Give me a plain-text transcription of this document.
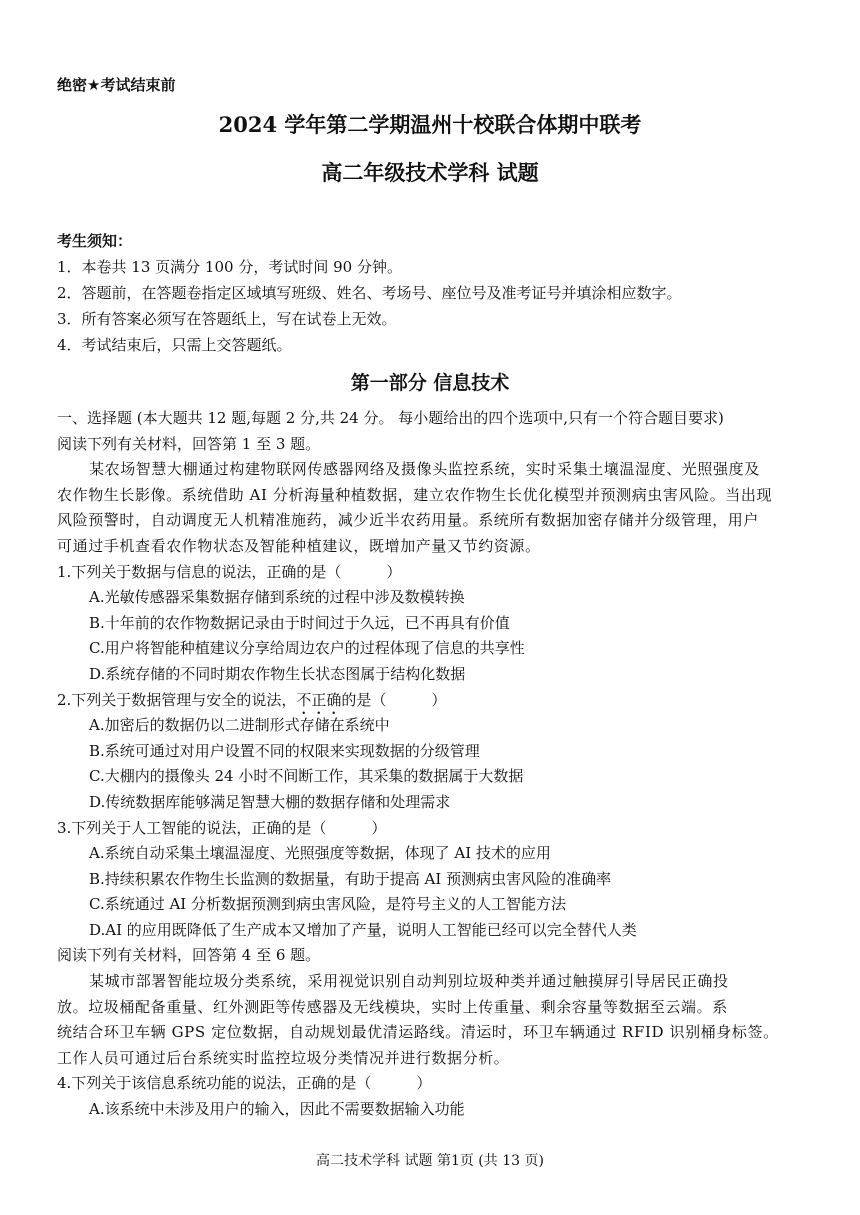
绝密★考试结束前
2024 学年第二学期温州十校联合体期中联考
高二年级技术学科 试题
考生须知：
1．本卷共 13 页满分 100 分，考试时间 90 分钟。
2．答题前，在答题卷指定区域填写班级、姓名、考场号、座位号及准考证号并填涂相应数字。
3．所有答案必须写在答题纸上，写在试卷上无效。
4．考试结束后，只需上交答题纸。
第一部分 信息技术
一、选择题 (本大题共 12 题,每题 2 分,共 24 分。 每小题给出的四个选项中,只有一个符合题目要求)
阅读下列有关材料，回答第 1 至 3 题。
某农场智慧大棚通过构建物联网传感器网络及摄像头监控系统，实时采集土壤温湿度、光照强度及
农作物生长影像。系统借助 AI 分析海量种植数据，建立农作物生长优化模型并预测病虫害风险。当出现
风险预警时，自动调度无人机精准施药，减少近半农药用量。系统所有数据加密存储并分级管理，用户
可通过手机查看农作物状态及智能种植建议，既增加产量又节约资源。
1.下列关于数据与信息的说法，正确的是（　　　）
A.光敏传感器采集数据存储到系统的过程中涉及数模转换
B.十年前的农作物数据记录由于时间过于久远，已不再具有价值
C.用户将智能种植建议分享给周边农户的过程体现了信息的共享性
D.系统存储的不同时期农作物生长状态图属于结构化数据
2.下列关于数据管理与安全的说法，不正确的是（　　　）
A.加密后的数据仍以二进制形式存储在系统中
B.系统可通过对用户设置不同的权限来实现数据的分级管理
C.大棚内的摄像头 24 小时不间断工作，其采集的数据属于大数据
D.传统数据库能够满足智慧大棚的数据存储和处理需求
3.下列关于人工智能的说法，正确的是（　　　）
A.系统自动采集土壤温湿度、光照强度等数据，体现了 AI 技术的应用
B.持续积累农作物生长监测的数据量，有助于提高 AI 预测病虫害风险的准确率
C.系统通过 AI 分析数据预测到病虫害风险，是符号主义的人工智能方法
D.AI 的应用既降低了生产成本又增加了产量，说明人工智能已经可以完全替代人类
阅读下列有关材料，回答第 4 至 6 题。
某城市部署智能垃圾分类系统，采用视觉识别自动判别垃圾种类并通过触摸屏引导居民正确投
放。垃圾桶配备重量、红外测距等传感器及无线模块，实时上传重量、剩余容量等数据至云端。系
统结合环卫车辆 GPS 定位数据，自动规划最优清运路线。清运时，环卫车辆通过 RFID 识别桶身标签。
工作人员可通过后台系统实时监控垃圾分类情况并进行数据分析。
4.下列关于该信息系统功能的说法，正确的是（　　　）
A.该系统中未涉及用户的输入，因此不需要数据输入功能
高二技术学科 试题 第1页 (共 13 页)
